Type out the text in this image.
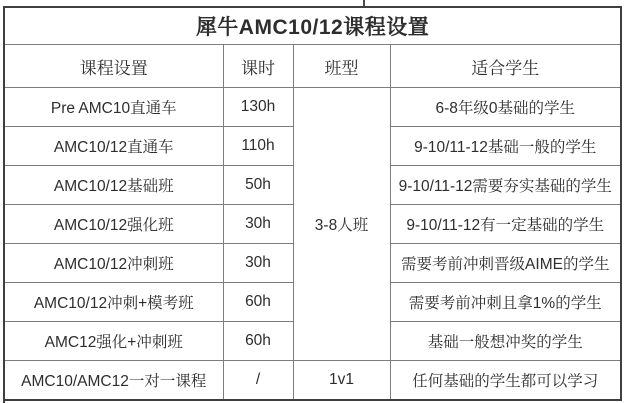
犀牛AMC10/12课程设置			
课程设置	课时	班型	适合学生
Pre AMC10直通车	130h	3-8人班	6-8年级0基础的学生
AMC10/12直通车	110h		9-10/11-12基础一般的学生
AMC10/12基础班	50h		9-10/11-12需要夯实基础的学生
AMC10/12强化班	30h		9-10/11-12有一定基础的学生
AMC10/12冲刺班	30h		需要考前冲刺晋级AIME的学生
AMC10/12冲刺+模考班	60h		需要考前冲刺且拿1%的学生
AMC12强化+冲刺班	60h		基础一般想冲奖的学生
AMC10/AMC12一对一课程	/	1v1	任何基础的学生都可以学习
